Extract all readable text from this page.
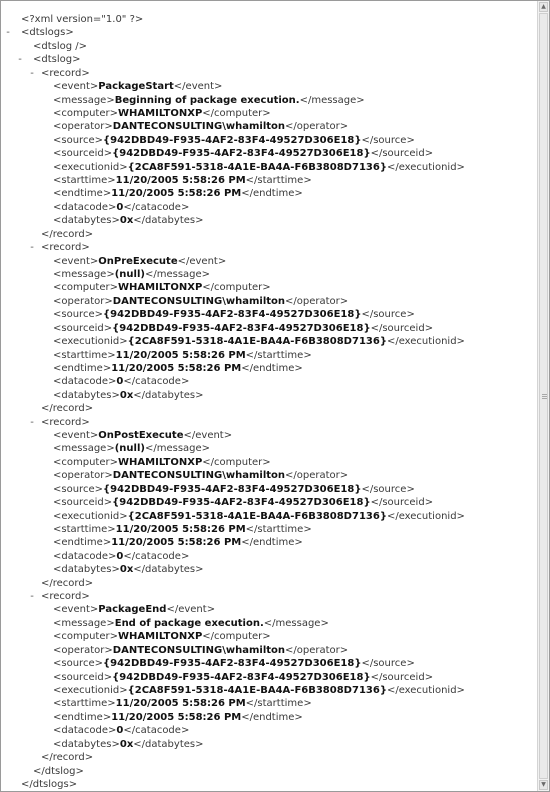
<?xml version="1.0" ?>
-	<dtslogs>
<dtslog />
-	<dtslog>
- <record>
<event>PackageStart</event>
<message>Beginning of package execution.</message>
<computer>WHAMILTONXP</computer>
<operator>DANTECONSULTING\whamilton</operator>
<source>{942DBD49-F935-4AF2-83F4-49527D306E18}</source>
<sourceid>{942DBD49-F935-4AF2-83F4-49527D306E18}</sourceid>
<executionid>{2CA8F591-5318-4A1E-BA4A-F6B3808D7136}</executionid>
<starttime>11/20/2005 5:58:26 PM</starttime>
<endtime>11/20/2005 5:58:26 PM</endtime>
<datacode>0</catacode>
<databytes>0x</databytes>
</record>
- <record>
<event>OnPreExecute</event>
<message>(null)</message>
<computer>WHAMILTONXP</computer>
<operator>DANTECONSULTING\whamilton</operator>
<source>{942DBD49-F935-4AF2-83F4-49527D306E18}</source>
<sourceid>{942DBD49-F935-4AF2-83F4-49527D306E18}</sourceid>
<executionid>{2CA8F591-5318-4A1E-BA4A-F6B3808D7136}</executionid>
<starttime>11/20/2005 5:58:26 PM</starttime>
<endtime>11/20/2005 5:58:26 PM</endtime>
<datacode>0</catacode>
<databytes>0x</databytes>
</record>
- <record>
<event>OnPostExecute</event>
<message>(null)</message>
<computer>WHAMILTONXP</computer>
<operator>DANTECONSULTING\whamilton</operator>
<source>{942DBD49-F935-4AF2-83F4-49527D306E18}</source>
<sourceid>{942DBD49-F935-4AF2-83F4-49527D306E18}</sourceid>
<executionid>{2CA8F591-5318-4A1E-BA4A-F6B3808D7136}</executionid>
<starttime>11/20/2005 5:58:26 PM</starttime>
<endtime>11/20/2005 5:58:26 PM</endtime>
<datacode>0</catacode>
<databytes>0x</databytes>
</record>
- <record>
<event>PackageEnd</event>
<message>End of package execution.</message>
<computer>WHAMILTONXP</computer>
<operator>DANTECONSULTING\whamilton</operator>
<source>{942DBD49-F935-4AF2-83F4-49527D306E18}</source>
<sourceid>{942DBD49-F935-4AF2-83F4-49527D306E18}</sourceid>
<executionid>{2CA8F591-5318-4A1E-BA4A-F6B3808D7136}</executionid>
<starttime>11/20/2005 5:58:26 PM</starttime>
<endtime>11/20/2005 5:58:26 PM</endtime>
<datacode>0</catacode>
<databytes>0x</databytes>
</record>
</dtslog>
</dtslogs>
▲
▼
